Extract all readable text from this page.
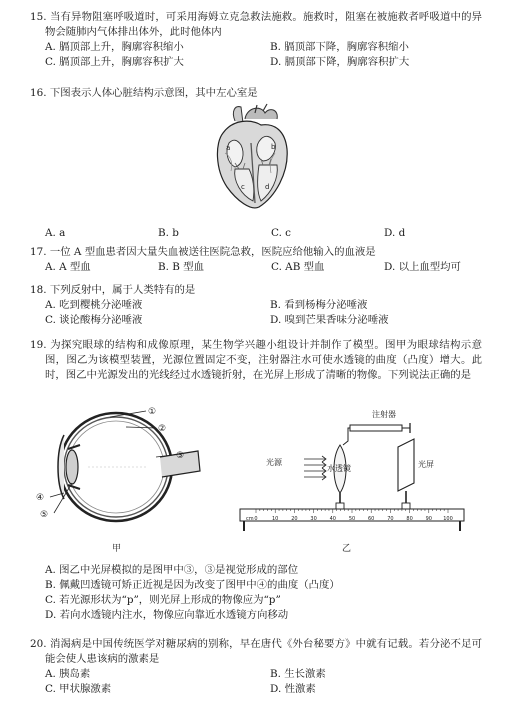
15. 当有异物阻塞呼吸道时，可采用海姆立克急救法施救。施救时，阻塞在被施救者呼吸道中的异物会随肺内气体排出体外，此时他体内

A. 膈顶部上升，胸廓容积缩小	B. 膈顶部下降，胸廓容积缩小
C. 膈顶部上升，胸廓容积扩大	D. 膈顶部下降，胸廓容积扩大

16. 下图表示人体心脏结构示意图，其中左心室是

a	b
c	d
A. a	B. b	C. c	D. d

17. 一位 A 型血患者因大量失血被送往医院急救，医院应给他输入的血液是

A. A 型血	B. B 型血	C. AB 型血	D. 以上血型均可

18. 下列反射中，属于人类特有的是

A. 吃到樱桃分泌唾液	B. 看到杨梅分泌唾液
C. 谈论酸梅分泌唾液	D. 嗅到芒果香味分泌唾液

19. 为探究眼球的结构和成像原理，某生物学兴趣小组设计并制作了模型。图甲为眼球结构示意图，图乙为该模型装置，光源位置固定不变，注射器注水可使水透镜的曲度（凸度）增大。此时，图乙中光源发出的光线经过水透镜折射，在光屏上形成了清晰的物像。下列说法正确的是

①
②
③
④
⑤
甲
注射器
水透镜
光源	光屏
0	10	20	30	40	50	60	70	80	90 100
cm
乙
A. 图乙中光屏模拟的是图甲中③，③是视觉形成的部位
B. 佩戴凹透镜可矫正近视是因为改变了图甲中④的曲度（凸度）
C. 若光源形状为“p”，则光屏上形成的物像应为“p”
D. 若向水透镜内注水，物像应向靠近水透镜方向移动

20. 消渴病是中国传统医学对糖尿病的别称，早在唐代《外台秘要方》中就有记载。若分泌不足可能会使人患该病的激素是

A. 胰岛素	B. 生长激素
C. 甲状腺激素	D. 性激素
